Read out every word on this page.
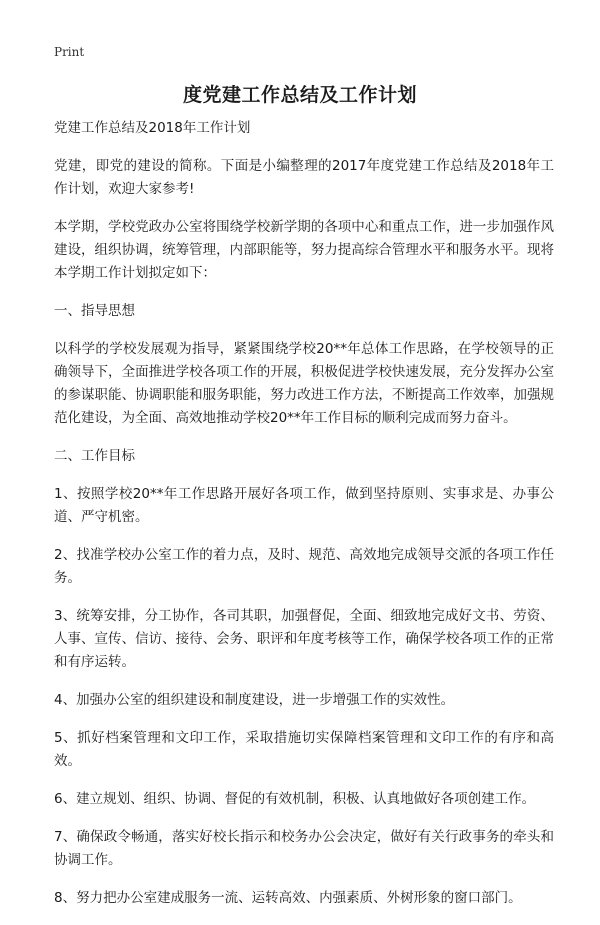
Print
度党建工作总结及工作计划

党建工作总结及2018年工作计划

党建，即党的建设的简称。下面是小编整理的2017年度党建工作总结及2018年工作计划，欢迎大家参考!

本学期，学校党政办公室将围绕学校新学期的各项中心和重点工作，进一步加强作风建设，组织协调，统筹管理，内部职能等，努力提高综合管理水平和服务水平。现将本学期工作计划拟定如下：

一、指导思想

以科学的学校发展观为指导，紧紧围绕学校20**年总体工作思路，在学校领导的正确领导下，全面推进学校各项工作的开展，积极促进学校快速发展，充分发挥办公室的参谋职能、协调职能和服务职能，努力改进工作方法，不断提高工作效率，加强规范化建设，为全面、高效地推动学校20**年工作目标的顺利完成而努力奋斗。

二、工作目标

1、按照学校20**年工作思路开展好各项工作，做到坚持原则、实事求是、办事公道、严守机密。

2、找准学校办公室工作的着力点，及时、规范、高效地完成领导交派的各项工作任务。

3、统筹安排，分工协作，各司其职，加强督促，全面、细致地完成好文书、劳资、人事、宣传、信访、接待、会务、职评和年度考核等工作，确保学校各项工作的正常和有序运转。

4、加强办公室的组织建设和制度建设，进一步增强工作的实效性。

5、抓好档案管理和文印工作，采取措施切实保障档案管理和文印工作的有序和高效。

6、建立规划、组织、协调、督促的有效机制，积极、认真地做好各项创建工作。

7、确保政令畅通，落实好校长指示和校务办公会决定，做好有关行政事务的牵头和协调工作。

8、努力把办公室建成服务一流、运转高效、内强素质、外树形象的窗口部门。
